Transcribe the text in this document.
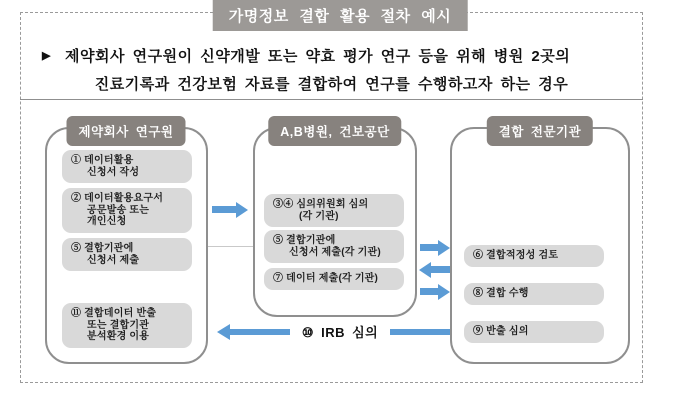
가명정보 결합 활용 절차 예시
▶ 제약회사 연구원이 신약개발 또는 약효 평가 연구 등을 위해 병원 2곳의
진료기록과 건강보험 자료를 결합하여 연구를 수행하고자 하는 경우
제약회사 연구원
① 데이터활용
신청서 작성
② 데이터활용요구서
공문발송 또는
개인신청
⑤ 결합기관에
신청서 제출
⑪ 결합데이터 반출
또는 결합기관
분석환경 이용
A,B병원, 건보공단
③④ 심의위원회 심의
(각 기관)
⑤ 결합기관에
신청서 제출(각 기관)
⑦ 데이터 제출(각 기관)
결합 전문기관
⑥ 결합적정성 검토
⑧ 결합 수행
⑨ 반출 심의
⑩ IRB 심의
